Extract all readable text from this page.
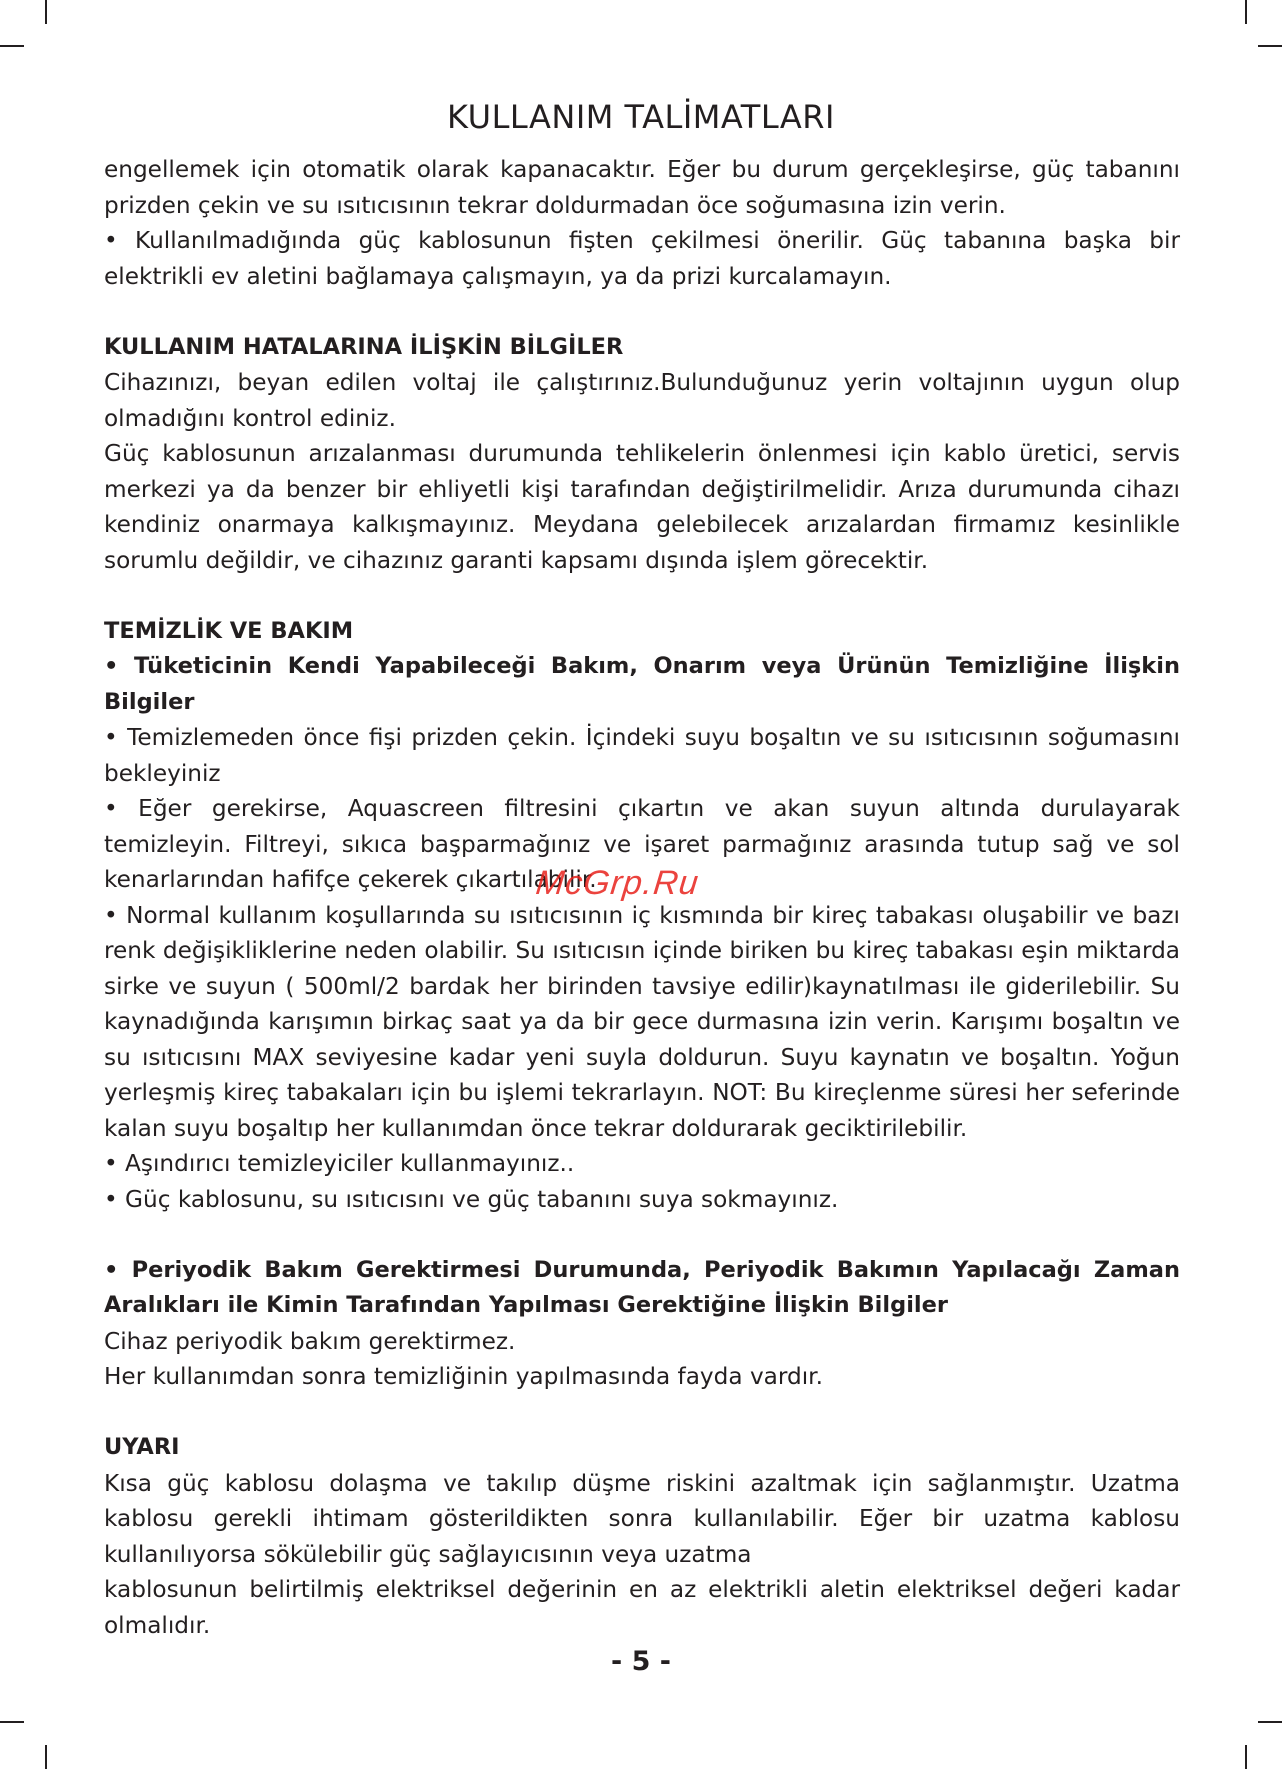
KULLANIM TALİMATLARI

engellemek için otomatik olarak kapanacaktır. Eğer bu durum gerçekleşirse, güç tabanını prizden çekin ve su ısıtıcısının tekrar doldurmadan öce soğumasına izin verin.

• Kullanılmadığında güç kablosunun fişten çekilmesi önerilir. Güç tabanına başka bir elektrikli ev aletini bağlamaya çalışmayın, ya da prizi kurcalamayın.

KULLANIM HATALARINA İLİŞKİN BİLGİLER

Cihazınızı, beyan edilen voltaj ile çalıştırınız.Bulunduğunuz yerin voltajının uygun olup olmadığını kontrol ediniz.

Güç kablosunun arızalanması durumunda tehlikelerin önlenmesi için kablo üretici, servis merkezi ya da benzer bir ehliyetli kişi tarafından değiştirilmelidir. Arıza durumunda cihazı kendiniz onarmaya kalkışmayınız. Meydana gelebilecek arızalardan firmamız kesinlikle sorumlu değildir, ve cihazınız garanti kapsamı dışında işlem görecektir.

TEMİZLİK VE BAKIM

• Tüketicinin Kendi Yapabileceği Bakım, Onarım veya Ürünün Temizliğine İlişkin Bilgiler

• Temizlemeden önce fişi prizden çekin. İçindeki suyu boşaltın ve su ısıtıcısının soğumasını bekleyiniz

• Eğer gerekirse, Aquascreen filtresini çıkartın ve akan suyun altında durulayarak temizleyin. Filtreyi, sıkıca başparmağınız ve işaret parmağınız arasında tutup sağ ve sol kenarlarından hafifçe çekerek çıkartılabilir.

• Normal kullanım koşullarında su ısıtıcısının iç kısmında bir kireç tabakası oluşabilir ve bazı renk değişikliklerine neden olabilir. Su ısıtıcısın içinde biriken bu kireç tabakası eşin miktarda sirke ve suyun ( 500ml/2 bardak her birinden tavsiye edilir)kaynatılması ile giderilebilir. Su kaynadığında karışımın birkaç saat ya da bir gece durmasına izin verin. Karışımı boşaltın ve su ısıtıcısını MAX seviyesine kadar yeni suyla doldurun. Suyu kaynatın ve boşaltın. Yoğun yerleşmiş kireç tabakaları için bu işlemi tekrarlayın. NOT: Bu kireçlenme süresi her seferinde kalan suyu boşaltıp her kullanımdan önce tekrar doldurarak geciktirilebilir.

• Aşındırıcı temizleyiciler kullanmayınız..

• Güç kablosunu, su ısıtıcısını ve güç tabanını suya sokmayınız.

• Periyodik Bakım Gerektirmesi Durumunda, Periyodik Bakımın Yapılacağı Zaman Aralıkları ile Kimin Tarafından Yapılması Gerektiğine İlişkin Bilgiler

Cihaz periyodik bakım gerektirmez.

Her kullanımdan sonra temizliğinin yapılmasında fayda vardır.

UYARI

Kısa güç kablosu dolaşma ve takılıp düşme riskini azaltmak için sağlanmıştır. Uzatma kablosu gerekli ihtimam gösterildikten sonra kullanılabilir. Eğer bir uzatma kablosu kullanılıyorsa sökülebilir güç sağlayıcısının veya uzatma

kablosunun belirtilmiş elektriksel değerinin en az elektrikli aletin elektriksel değeri kadar olmalıdır.

McGrp.Ru
- 5 -
